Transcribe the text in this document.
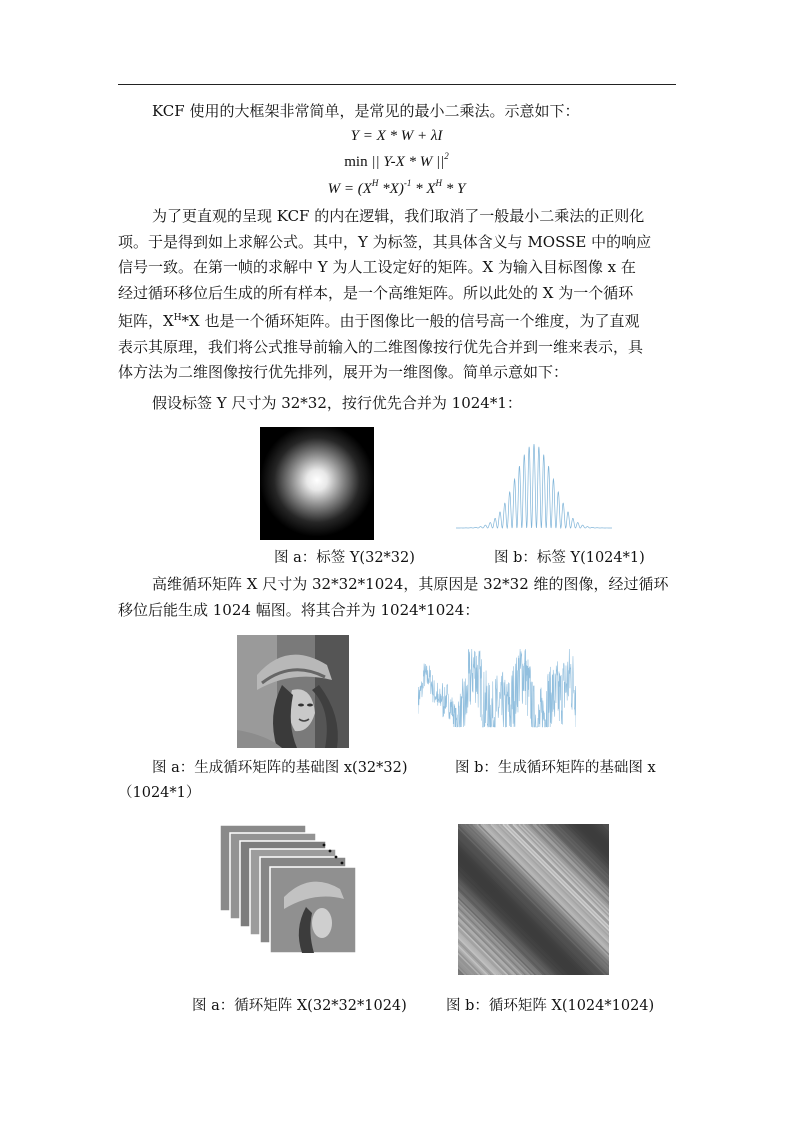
KCF 使用的大框架非常简单，是常见的最小二乘法。示意如下：
Y = X * W + λI
min || Y-X * W $||^2$
$W = (X^H$ $*X)^{-1} * X^H$ * Y
为了更直观的呈现 KCF 的内在逻辑，我们取消了一般最小二乘法的正则化
项。于是得到如上求解公式。其中，Y 为标签，其具体含义与 MOSSE 中的响应
信号一致。在第一帧的求解中 Y 为人工设定好的矩阵。X 为输入目标图像 x 在
经过循环移位后生成的所有样本，是一个高维矩阵。所以此处的 X 为一个循环
矩阵，$X^H*X$ 也是一个循环矩阵。由于图像比一般的信号高一个维度，为了直观
表示其原理，我们将公式推导前输入的二维图像按行优先合并到一维来表示，具
体方法为二维图像按行优先排列，展开为一维图像。简单示意如下：
假设标签 Y 尺寸为 32*32，按行优先合并为 1024*1：
图 a：标签 Y(32*32)	图 b：标签 Y(1024*1)
高维循环矩阵 X 尺寸为 32*32*1024，其原因是 32*32 维的图像，经过循环
移位后能生成 1024 幅图。将其合并为 1024*1024：
图 a：生成循环矩阵的基础图 x(32*32)	图 b：生成循环矩阵的基础图 x
（1024*1）
图 a：循环矩阵 X(32*32*1024)	图 b：循环矩阵 X(1024*1024)
